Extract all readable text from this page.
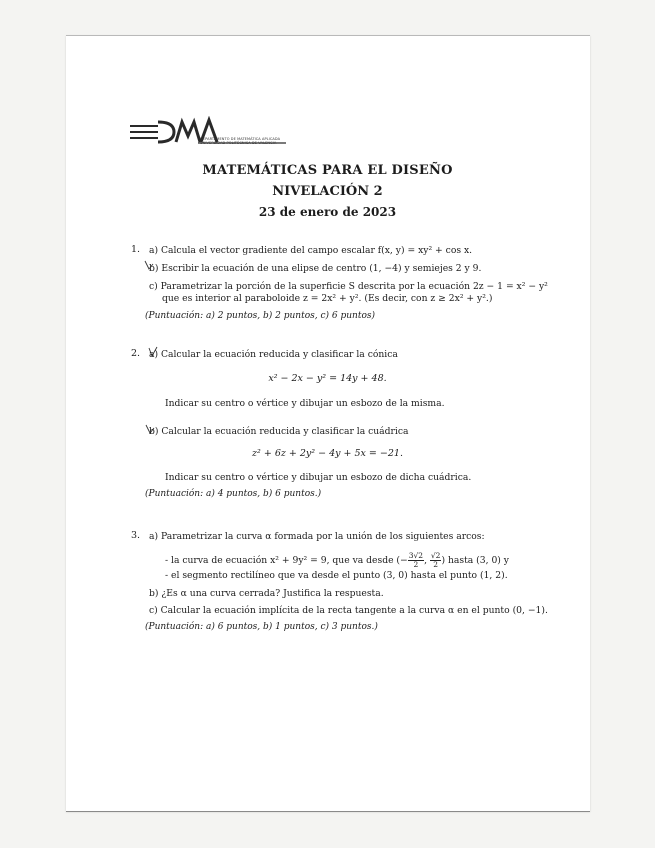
DEPARTAMENTO DE MATEMÁTICA APLICADA
UNIVERSIDAD POLITÉCNICA DE VALENCIA
MATEMÁTICAS PARA EL DISEÑO
NIVELACIÓN 2
23 de enero de 2023
1. a) Calcula el vector gradiente del campo escalar f(x, y) = xy² + cos x.
b) Escribir la ecuación de una elipse de centro (1, −4) y semiejes 2 y 9.
c) Parametrizar la porción de la superficie S descrita por la ecuación 2z − 1 = x² − y²
que es interior al paraboloide z = 2x² + y². (Es decir, con z ≥ 2x² + y².)
(Puntuación: a) 2 puntos, b) 2 puntos, c) 6 puntos)
2. a) Calcular la ecuación reducida y clasificar la cónica
x² − 2x − y² = 14y + 48.
Indicar su centro o vértice y dibujar un esbozo de la misma.
b) Calcular la ecuación reducida y clasificar la cuádrica
z² + 6z + 2y² − 4y + 5x = −21.
Indicar su centro o vértice y dibujar un esbozo de dicha cuádrica.
(Puntuación: a) 4 puntos, b) 6 puntos.)
3. a) Parametrizar la curva α formada por la unión de los siguientes arcos:
- la curva de ecuación x² + 9y² = 9, que va desde (− $\frac{3√2}{2}$ , $\frac{√2}{2}$ ) hasta (3, 0) y
- el segmento rectilíneo que va desde el punto (3, 0) hasta el punto (1, 2).
b) ¿Es α una curva cerrada? Justifica la respuesta.
c) Calcular la ecuación implícita de la recta tangente a la curva α en el punto (0, −1).
(Puntuación: a) 6 puntos, b) 1 puntos, c) 3 puntos.)
